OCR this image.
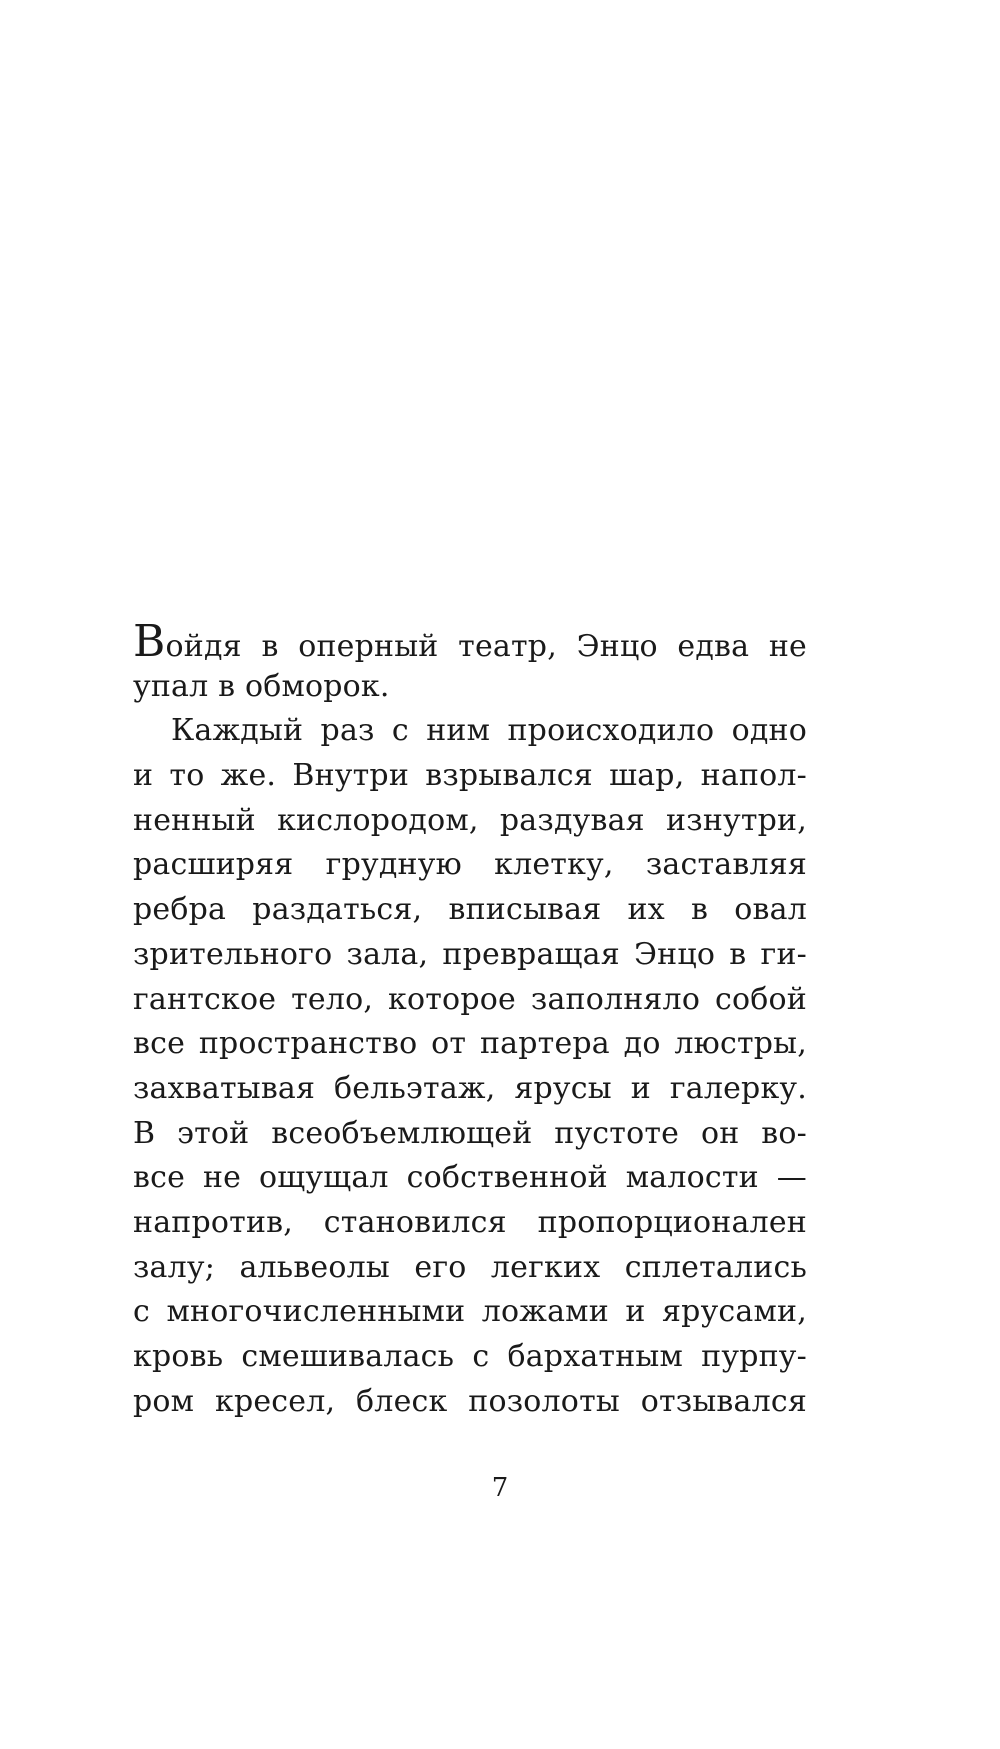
Войдя в оперный театр, Энцо едва не
упал в обморок.
Каждый раз с ним происходило одно
и то же. Внутри взрывался шар, напол-
ненный кислородом, раздувая изнутри,
расширяя грудную клетку, заставляя
ребра раздаться, вписывая их в овал
зрительного зала, превращая Энцо в ги-
гантское тело, которое заполняло собой
все пространство от партера до люстры,
захватывая бельэтаж, ярусы и галерку.
В этой всеобъемлющей пустоте он во-
все не ощущал собственной малости —
напротив, становился пропорционален
залу; альвеолы его легких сплетались
с многочисленными ложами и ярусами,
кровь смешивалась с бархатным пурпу-
ром кресел, блеск позолоты отзывался
7
